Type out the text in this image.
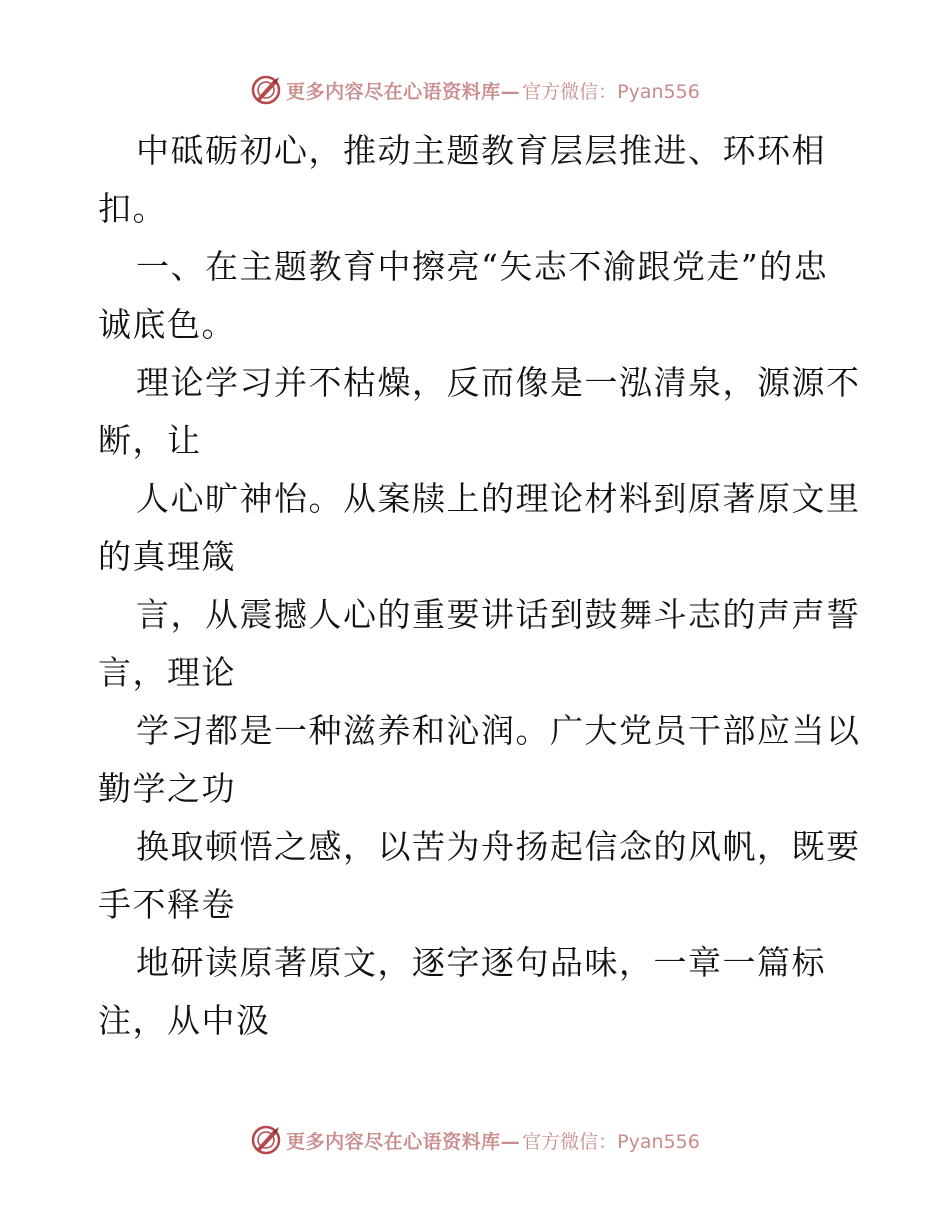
更多内容尽在心语资料库— 官方微信：Pyan556
中砥砺初心，推动主题教育层层推进、环环相
扣。
一、在主题教育中擦亮“矢志不渝跟党走”的忠
诚底色。
理论学习并不枯燥，反而像是一泓清泉，源源不
断，让
人心旷神怡。从案牍上的理论材料到原著原文里
的真理箴
言，从震撼人心的重要讲话到鼓舞斗志的声声誓
言，理论
学习都是一种滋养和沁润。广大党员干部应当以
勤学之功
换取顿悟之感，以苦为舟扬起信念的风帆，既要
手不释卷
地研读原著原文，逐字逐句品味，一章一篇标
注，从中汲
更多内容尽在心语资料库— 官方微信：Pyan556
